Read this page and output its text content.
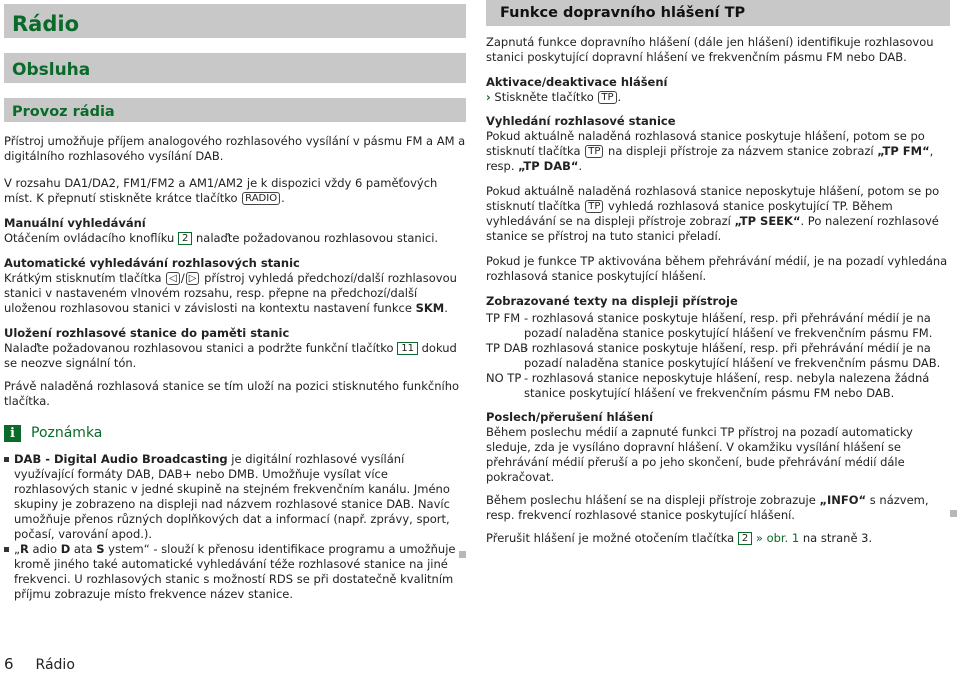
Rádio
Obsluha
Provoz rádia

Přístroj umožňuje příjem analogového rozhlasového vysílání v pásmu FM a AM a digitálního rozhlasového vysílání DAB.

V rozsahu DA1/DA2, FM1/FM2 a AM1/AM2 je k dispozici vždy 6 paměťových míst. K přepnutí stiskněte krátce tlačítko RADIO .

Manuální vyhledávání

Otáčením ovládacího knoflíku 2 nalaďte požadovanou rozhlasovou stanici.

Automatické vyhledávání rozhlasových stanic

Krátkým stisknutím tlačítka ◁ / ▷ přístroj vyhledá předchozí/další rozhlasovou stanici v nastaveném vlnovém rozsahu, resp. přepne na předchozí/další uloženou rozhlasovou stanici v závislosti na kontextu nastavení funkce SKM.

Uložení rozhlasové stanice do paměti stanic

Nalaďte požadovanou rozhlasovou stanici a podržte funkční tlačítko 11 dokud se neozve signální tón.

Právě naladěná rozhlasová stanice se tím uloží na pozici stisknutého funkčního tlačítka.

i	Poznámka

DAB - Digital Audio Broadcasting je digitální rozhlasové vysílání využívající formáty DAB, DAB+ nebo DMB. Umožňuje vysílat více rozhlasových stanic v jedné skupině na stejném frekvenčním kanálu. Jméno skupiny je zobrazeno na displeji nad názvem rozhlasové stanice DAB. Navíc umožňuje přenos různých doplňkových dat a informací (např. zprávy, sport, počasí, varování apod.).

„R adio D ata S ystem“ - slouží k přenosu identifikace programu a umožňuje kromě jiného také automatické vyhledávání téže rozhlasové stanice na jiné frekvenci. U rozhlasových stanic s možností RDS se při dostatečně kvalitním příjmu zobrazuje místo frekvence název stanice.

Funkce dopravního hlášení TP

Zapnutá funkce dopravního hlášení (dále jen hlášení) identifikuje rozhlasovou stanici poskytující dopravní hlášení ve frekvenčním pásmu FM nebo DAB.

Aktivace/deaktivace hlášení

› Stiskněte tlačítko TP .

Vyhledání rozhlasové stanice

Pokud aktuálně naladěná rozhlasová stanice poskytuje hlášení, potom se po stisknutí tlačítka TP na displeji přístroje za názvem stanice zobrazí „TP FM“, resp. „TP DAB“.

Pokud aktuálně naladěná rozhlasová stanice neposkytuje hlášení, potom se po stisknutí tlačítka TP vyhledá rozhlasová stanice poskytující TP. Během vyhledávání se na displeji přístroje zobrazí „TP SEEK“. Po nalezení rozhlasové stanice se přístroj na tuto stanici přeladí.

Pokud je funkce TP aktivována během přehrávání médií, je na pozadí vyhledána rozhlasová stanice poskytující hlášení.

Zobrazované texty na displeji přístroje

TP FM - rozhlasová stanice poskytuje hlášení, resp. při přehrávání médií je na pozadí naladěna stanice poskytující hlášení ve frekvenčním pásmu FM.
TP DAB
- rozhlasová stanice poskytuje hlášení, resp. při přehrávání médií je na pozadí naladěna stanice poskytující hlášení ve frekvenčním pásmu DAB.
NO TP - rozhlasová stanice neposkytuje hlášení, resp. nebyla nalezena žádná stanice poskytující hlášení ve frekvenčním pásmu FM nebo DAB.

Poslech/přerušení hlášení

Během poslechu médií a zapnuté funkci TP přístroj na pozadí automaticky sleduje, zda je vysíláno dopravní hlášení. V okamžiku vysílání hlášení se přehrávání médií přeruší a po jeho skončení, bude přehrávání médií dále pokračovat.

Během poslechu hlášení se na displeji přístroje zobrazuje „INFO“ s názvem, resp. frekvencí rozhlasové stanice poskytující hlášení.

Přerušit hlášení je možné otočením tlačítka 2 » obr. 1 na straně 3.

6 Rádio
